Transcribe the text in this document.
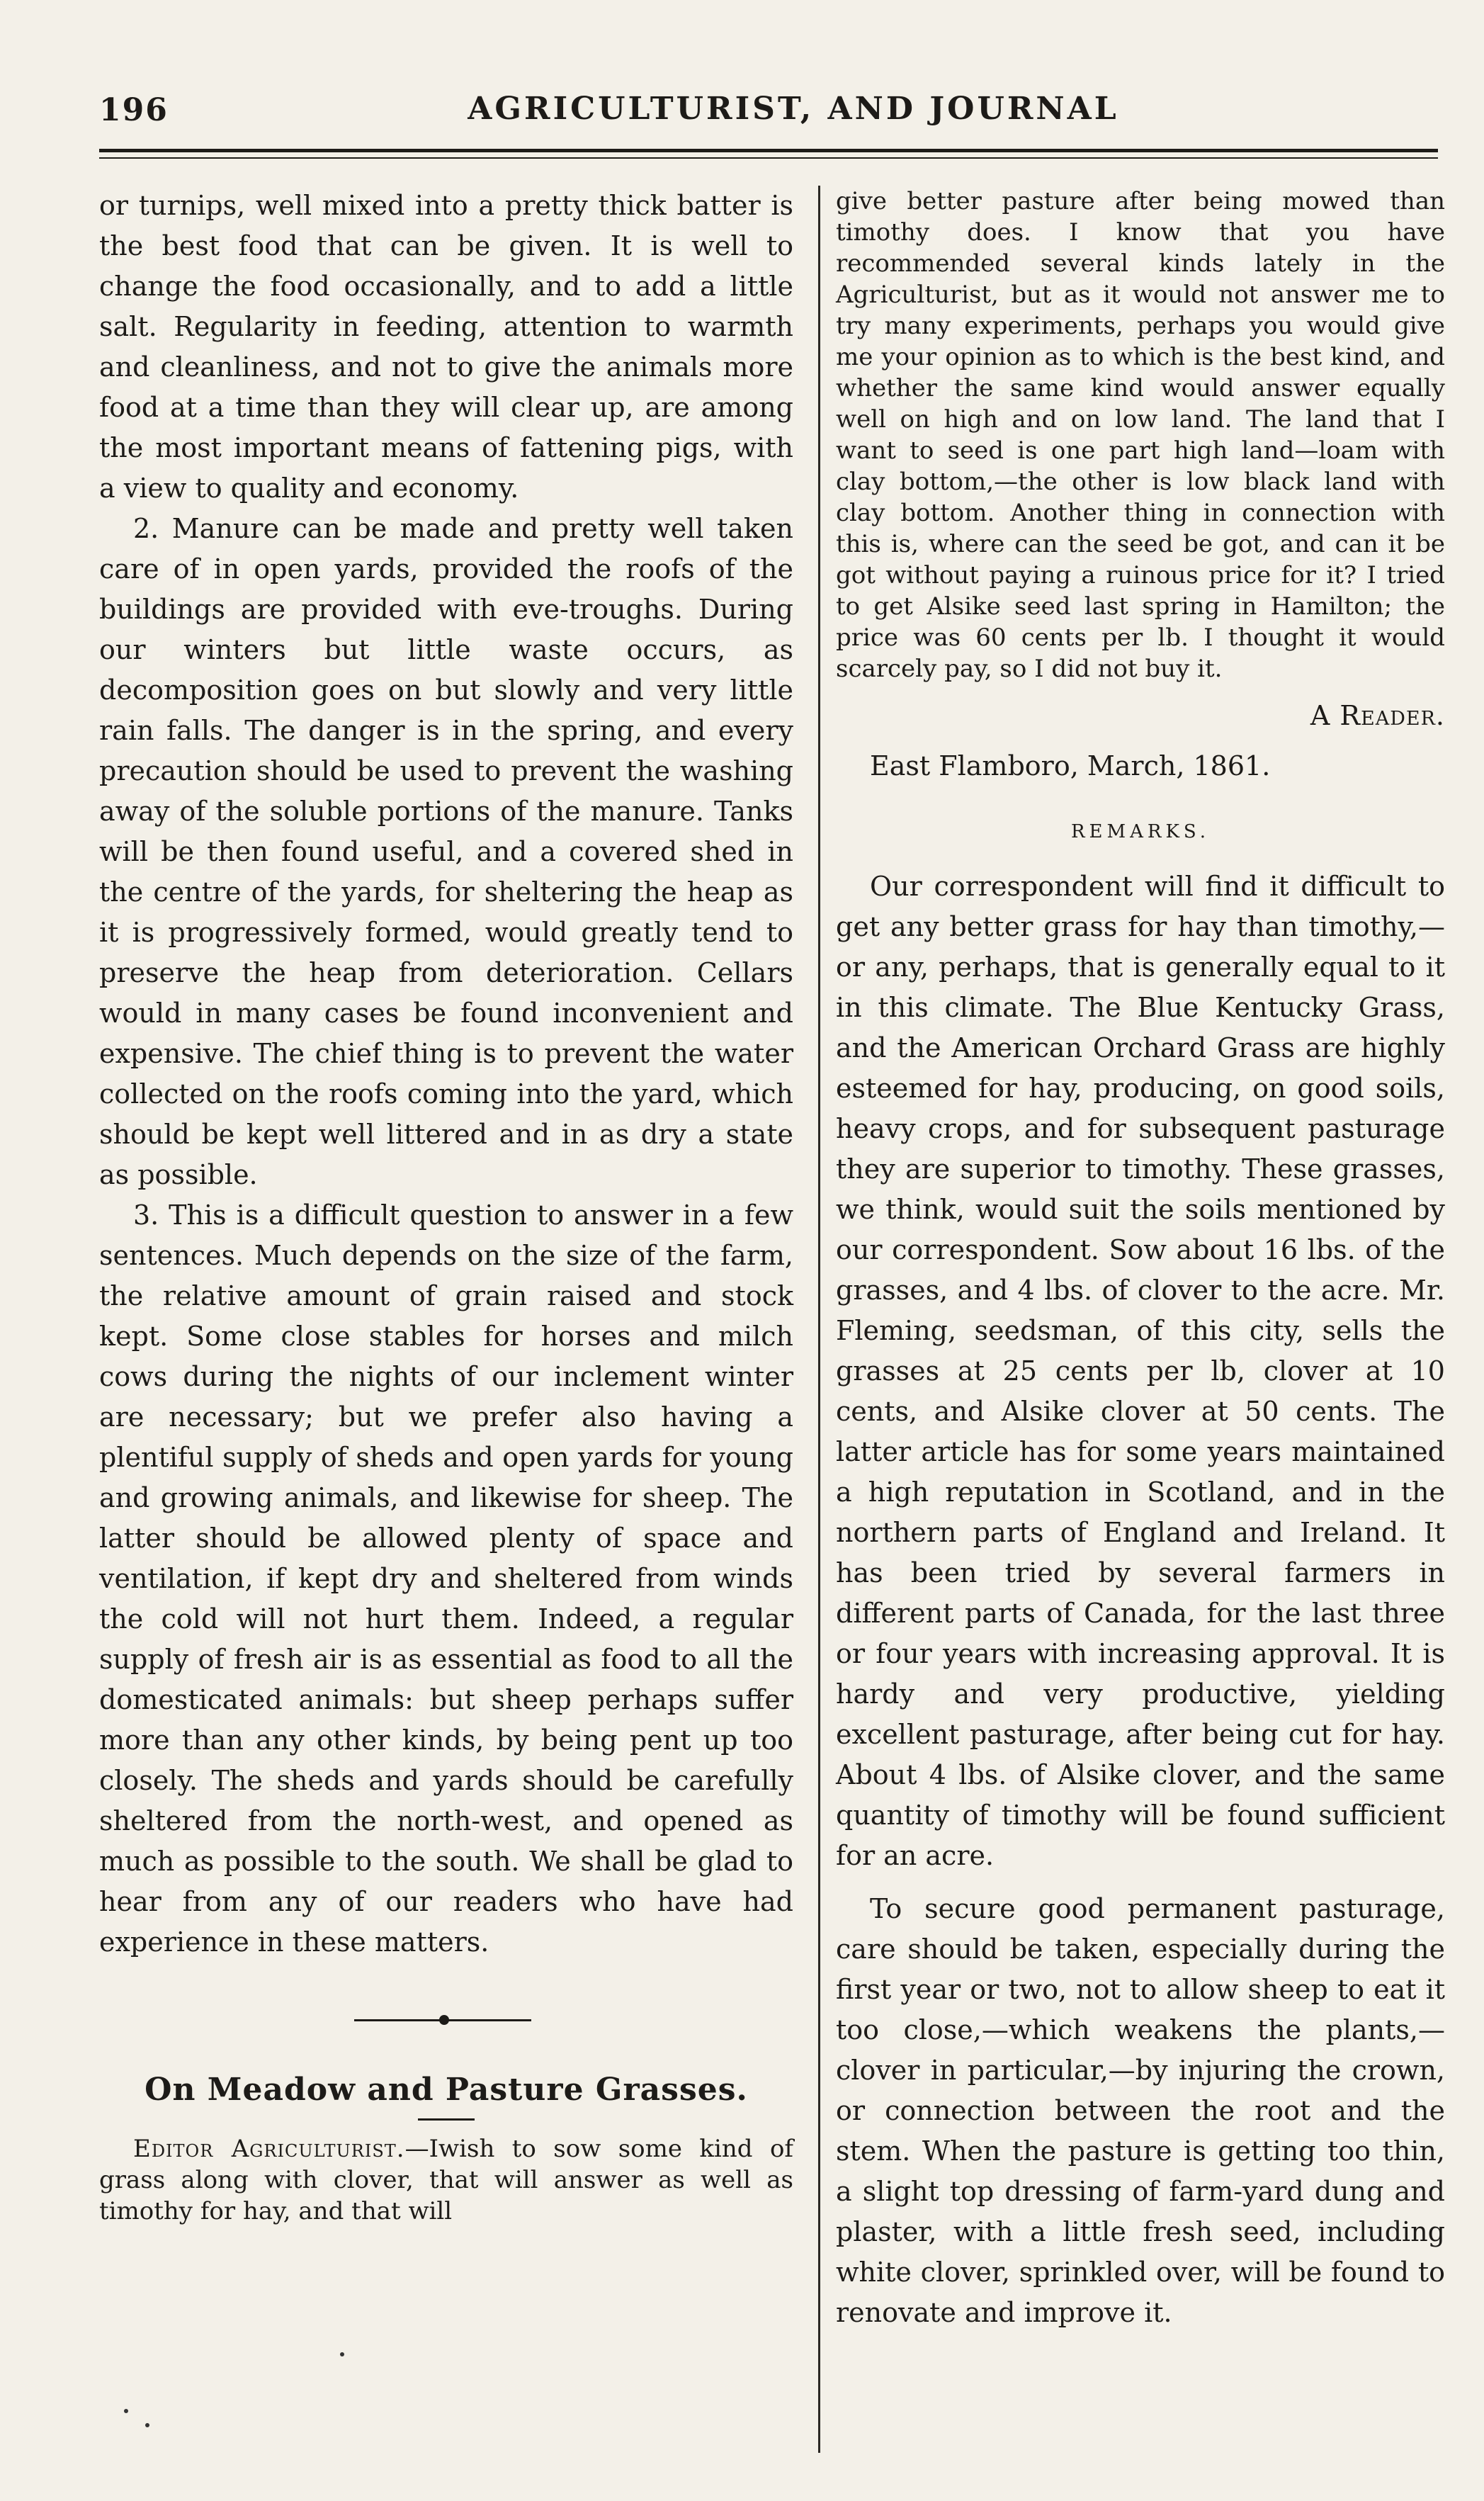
196	AGRICULTURIST, AND JOURNAL

or turnips, well mixed into a pretty thick batter is the best food that can be given. It is well to change the food occasionally, and to add a little salt. Regularity in feeding, attention to warmth and cleanliness, and not to give the animals more food at a time than they will clear up, are among the most important means of fattening pigs, with a view to quality and economy.

2. Manure can be made and pretty well taken care of in open yards, provided the roofs of the buildings are provided with eve-troughs. During our winters but little waste occurs, as decomposition goes on but slowly and very little rain falls. The danger is in the spring, and every precaution should be used to prevent the washing away of the soluble portions of the manure. Tanks will be then found useful, and a covered shed in the centre of the yards, for sheltering the heap as it is progressively formed, would greatly tend to preserve the heap from deterioration. Cellars would in many cases be found inconvenient and expensive. The chief thing is to prevent the water collected on the roofs coming into the yard, which should be kept well littered and in as dry a state as possible.

3. This is a difficult question to answer in a few sentences. Much depends on the size of the farm, the relative amount of grain raised and stock kept. Some close stables for horses and milch cows during the nights of our inclement winter are necessary; but we prefer also having a plentiful supply of sheds and open yards for young and growing animals, and likewise for sheep. The latter should be allowed plenty of space and ventilation, if kept dry and sheltered from winds the cold will not hurt them. Indeed, a regular supply of fresh air is as essential as food to all the domesticated animals: but sheep perhaps suffer more than any other kinds, by being pent up too closely. The sheds and yards should be carefully sheltered from the north-west, and opened as much as possible to the south. We shall be glad to hear from any of our readers who have had experience in these matters.

On Meadow and Pasture Grasses.

Editor Agriculturist.—Iwish to sow some kind of grass along with clover, that will answer as well as timothy for hay, and that will

give better pasture after being mowed than timothy does. I know that you have recommended several kinds lately in the Agriculturist, but as it would not answer me to try many experiments, perhaps you would give me your opinion as to which is the best kind, and whether the same kind would answer equally well on high and on low land. The land that I want to seed is one part high land—loam with clay bottom,—the other is low black land with clay bottom. Another thing in connection with this is, where can the seed be got, and can it be got without paying a ruinous price for it? I tried to get Alsike seed last spring in Hamilton; the price was 60 cents per lb. I thought it would scarcely pay, so I did not buy it.

A Reader.

East Flamboro, March, 1861.

REMARKS.

Our correspondent will find it difficult to get any better grass for hay than timothy,—or any, perhaps, that is generally equal to it in this climate. The Blue Kentucky Grass, and the American Orchard Grass are highly esteemed for hay, producing, on good soils, heavy crops, and for subsequent pasturage they are superior to timothy. These grasses, we think, would suit the soils mentioned by our correspondent. Sow about 16 lbs. of the grasses, and 4 lbs. of clover to the acre. Mr. Fleming, seedsman, of this city, sells the grasses at 25 cents per lb, clover at 10 cents, and Alsike clover at 50 cents. The latter article has for some years maintained a high reputation in Scotland, and in the northern parts of England and Ireland. It has been tried by several farmers in different parts of Canada, for the last three or four years with increasing approval. It is hardy and very productive, yielding excellent pasturage, after being cut for hay. About 4 lbs. of Alsike clover, and the same quantity of timothy will be found sufficient for an acre.

To secure good permanent pasturage, care should be taken, especially during the first year or two, not to allow sheep to eat it too close,—which weakens the plants,—clover in particular,—by injuring the crown, or connection between the root and the stem. When the pasture is getting too thin, a slight top dressing of farm-yard dung and plaster, with a little fresh seed, including white clover, sprinkled over, will be found to renovate and improve it.
